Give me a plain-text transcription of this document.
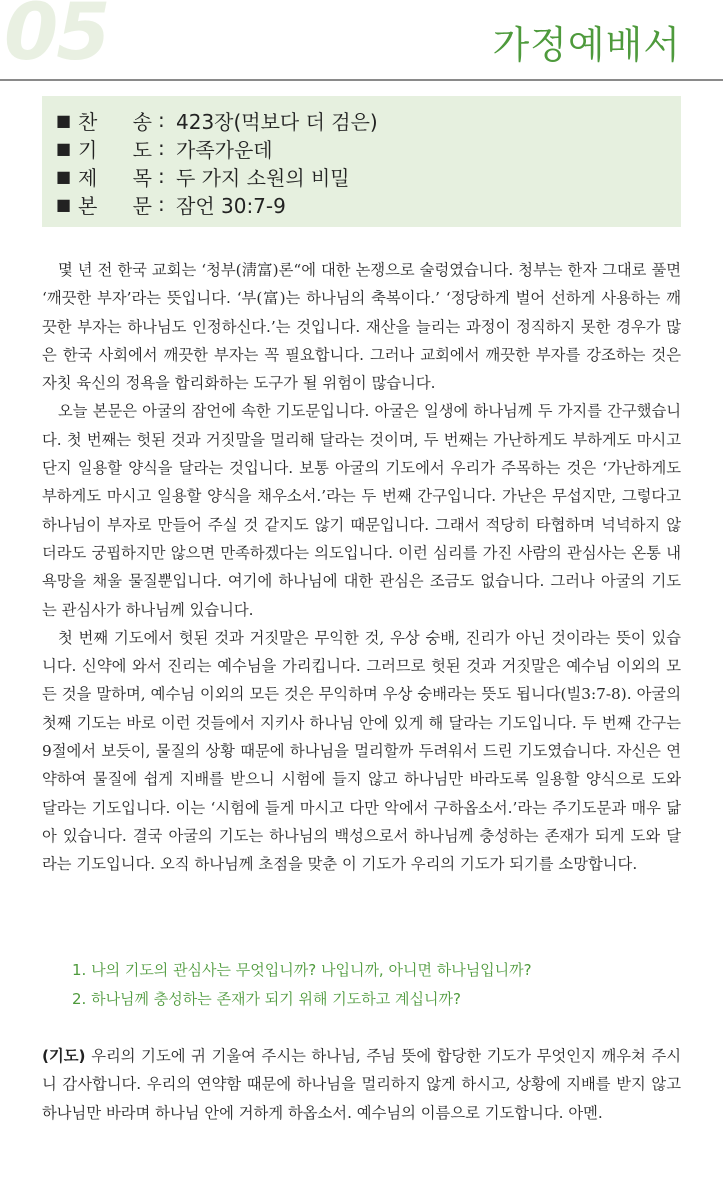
05	가정예배서
■ 찬 송 : 423장(먹보다 더 검은)
■ 기 도 : 가족가운데
■ 제 목 : 두 가지 소원의 비밀
■ 본 문 : 잠언 30:7-9

몇 년 전 한국 교회는 ‘청부(淸富)론“에 대한 논쟁으로 술렁였습니다. 청부는 한자 그대로 풀면 ‘깨끗한 부자’라는 뜻입니다. ‘부(富)는 하나님의 축복이다.’ ‘정당하게 벌어 선하게 사용하는 깨끗한 부자는 하나님도 인정하신다.’는 것입니다. 재산을 늘리는 과정이 정직하지 못한 경우가 많은 한국 사회에서 깨끗한 부자는 꼭 필요합니다. 그러나 교회에서 깨끗한 부자를 강조하는 것은 자칫 육신의 정욕을 합리화하는 도구가 될 위험이 많습니다.

오늘 본문은 아굴의 잠언에 속한 기도문입니다. 아굴은 일생에 하나님께 두 가지를 간구했습니다. 첫 번째는 헛된 것과 거짓말을 멀리해 달라는 것이며, 두 번째는 가난하게도 부하게도 마시고 단지 일용할 양식을 달라는 것입니다. 보통 아굴의 기도에서 우리가 주목하는 것은 ‘가난하게도 부하게도 마시고 일용할 양식을 채우소서.’라는 두 번째 간구입니다. 가난은 무섭지만, 그렇다고 하나님이 부자로 만들어 주실 것 같지도 않기 때문입니다. 그래서 적당히 타협하며 넉넉하지 않더라도 궁핍하지만 않으면 만족하겠다는 의도입니다. 이런 심리를 가진 사람의 관심사는 온통 내 욕망을 채울 물질뿐입니다. 여기에 하나님에 대한 관심은 조금도 없습니다. 그러나 아굴의 기도는 관심사가 하나님께 있습니다.

첫 번째 기도에서 헛된 것과 거짓말은 무익한 것, 우상 숭배, 진리가 아닌 것이라는 뜻이 있습니다. 신약에 와서 진리는 예수님을 가리킵니다. 그러므로 헛된 것과 거짓말은 예수님 이외의 모든 것을 말하며, 예수님 이외의 모든 것은 무익하며 우상 숭배라는 뜻도 됩니다(빌3:7-8). 아굴의 첫째 기도는 바로 이런 것들에서 지키사 하나님 안에 있게 해 달라는 기도입니다. 두 번째 간구는 9절에서 보듯이, 물질의 상황 때문에 하나님을 멀리할까 두려워서 드린 기도였습니다. 자신은 연약하여 물질에 쉽게 지배를 받으니 시험에 들지 않고 하나님만 바라도록 일용할 양식으로 도와 달라는 기도입니다. 이는 ‘시험에 들게 마시고 다만 악에서 구하옵소서.’라는 주기도문과 매우 닮아 있습니다. 결국 아굴의 기도는 하나님의 백성으로서 하나님께 충성하는 존재가 되게 도와 달라는 기도입니다. 오직 하나님께 초점을 맞춘 이 기도가 우리의 기도가 되기를 소망합니다.

1. 나의 기도의 관심사는 무엇입니까? 나입니까, 아니면 하나님입니까?
2. 하나님께 충성하는 존재가 되기 위해 기도하고 계십니까?
(기도) 우리의 기도에 귀 기울여 주시는 하나님, 주님 뜻에 합당한 기도가 무엇인지 깨우쳐 주시니 감사합니다. 우리의 연약함 때문에 하나님을 멀리하지 않게 하시고, 상황에 지배를 받지 않고 하나님만 바라며 하나님 안에 거하게 하옵소서. 예수님의 이름으로 기도합니다. 아멘.
